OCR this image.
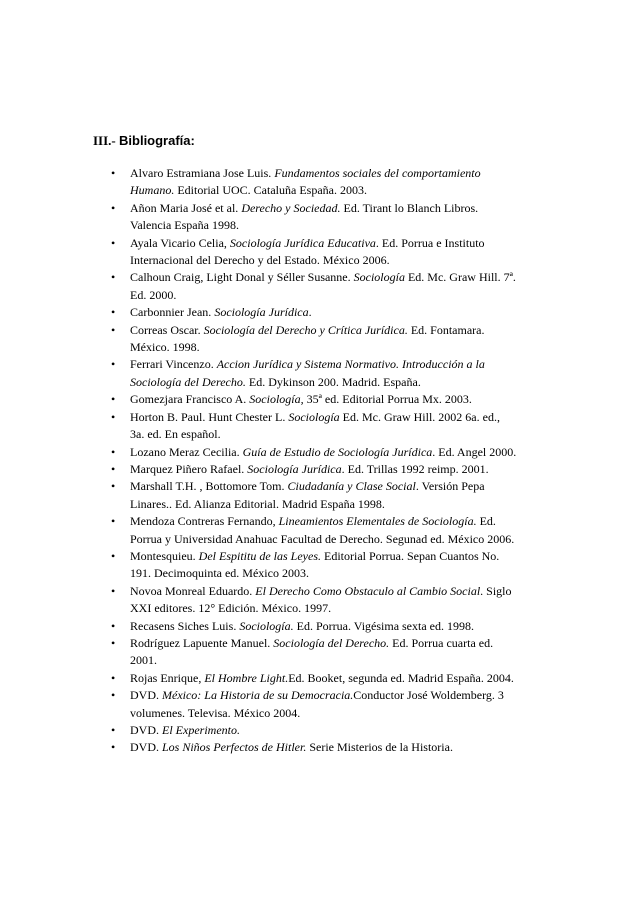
III.- Bibliografía:
• Alvaro Estramiana Jose Luis. Fundamentos sociales del comportamiento
Humano. Editorial UOC. Cataluña España. 2003.
• Añon Maria José et al. Derecho y Sociedad. Ed. Tirant lo Blanch Libros.
Valencia España 1998.
• Ayala Vicario Celia, Sociología Jurídica Educativa. Ed. Porrua e Instituto
Internacional del Derecho y del Estado. México 2006.
• Calhoun Craig, Light Donal y Séller Susanne. Sociología Ed. Mc. Graw Hill. 7ª.
Ed. 2000.
• Carbonnier Jean. Sociología Jurídica.
• Correas Oscar. Sociología del Derecho y Crítica Jurídica. Ed. Fontamara.
México. 1998.
• Ferrari Vincenzo. Accion Jurídica y Sistema Normativo. Introducción a la
Sociología del Derecho. Ed. Dykinson 200. Madrid. España.
• Gomezjara Francisco A. Sociología, 35ª ed. Editorial Porrua Mx. 2003.
• Horton B. Paul. Hunt Chester L. Sociología Ed. Mc. Graw Hill. 2002 6a. ed.,
3a. ed. En español.
• Lozano Meraz Cecilia. Guía de Estudio de Sociología Jurídica. Ed. Angel 2000.
• Marquez Piñero Rafael. Sociología Jurídica. Ed. Trillas 1992 reimp. 2001.
• Marshall T.H. , Bottomore Tom. Ciudadanía y Clase Social. Versión Pepa
Linares.. Ed. Alianza Editorial. Madrid España 1998.
• Mendoza Contreras Fernando, Lineamientos Elementales de Sociología. Ed.
Porrua y Universidad Anahuac Facultad de Derecho. Segunad ed. México 2006.
• Montesquieu. Del Espititu de las Leyes. Editorial Porrua. Sepan Cuantos No.
191. Decimoquinta ed. México 2003.
• Novoa Monreal Eduardo. El Derecho Como Obstaculo al Cambio Social. Siglo
XXI editores. 12° Edición. México. 1997.
• Recasens Siches Luis. Sociología. Ed. Porrua. Vigésima sexta ed. 1998.
• Rodríguez Lapuente Manuel. Sociología del Derecho. Ed. Porrua cuarta ed.
2001.
• Rojas Enrique, El Hombre Light.Ed. Booket, segunda ed. Madrid España. 2004.
• DVD. México: La Historia de su Democracia.Conductor José Woldemberg. 3
volumenes. Televisa. México 2004.
• DVD. El Experimento.
• DVD. Los Niños Perfectos de Hitler. Serie Misterios de la Historia.
